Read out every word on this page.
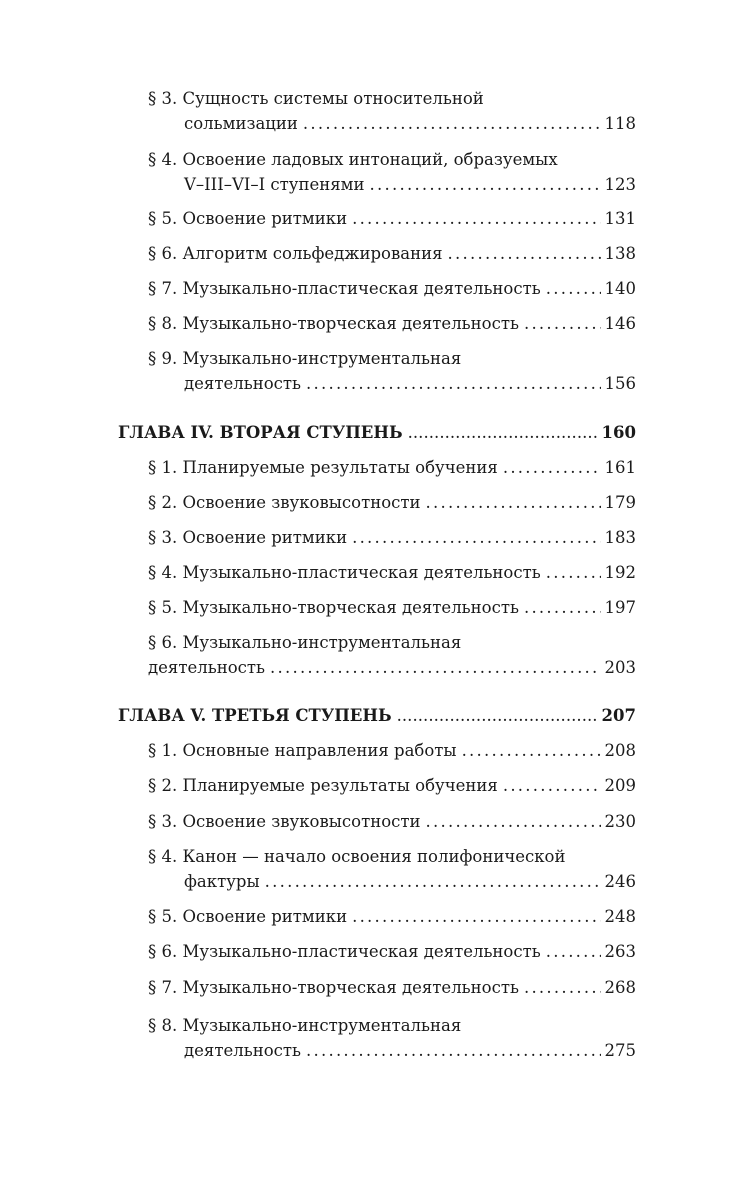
§ 3. Сущность системы относительной
сольмизации . . .	118
§ 4. Освоение ладовых интонаций, образуемых
V–III–VI–I ступенями . . .	123
§ 5. Освоение ритмики . . .	131
§ 6. Алгоритм сольфеджирования . . .	138
§ 7. Музыкально-пластическая деятельность . . .	140
§ 8. Музыкально-творческая деятельность . . .	146
§ 9. Музыкально-инструментальная
деятельность . . .	156
ГЛАВА IV. ВТОРАЯ СТУПЕНЬ . . .	160
§ 1. Планируемые результаты обучения . . .	161
§ 2. Освоение звуковысотности . . .	179
§ 3. Освоение ритмики . . .	183
§ 4. Музыкально-пластическая деятельность . . .	192
§ 5. Музыкально-творческая деятельность . . .	197
§ 6. Музыкально-инструментальная
деятельность . . .	203
ГЛАВА V. ТРЕТЬЯ СТУПЕНЬ . . .	207
§ 1. Основные направления работы . . .	208
§ 2. Планируемые результаты обучения . . .	209
§ 3. Освоение звуковысотности . . .	230
§ 4. Канон — начало освоения полифонической
фактуры . . .	246
§ 5. Освоение ритмики . . .	248
§ 6. Музыкально-пластическая деятельность . . .	263
§ 7. Музыкально-творческая деятельность . . .	268
§ 8. Музыкально-инструментальная
деятельность . . .	275
